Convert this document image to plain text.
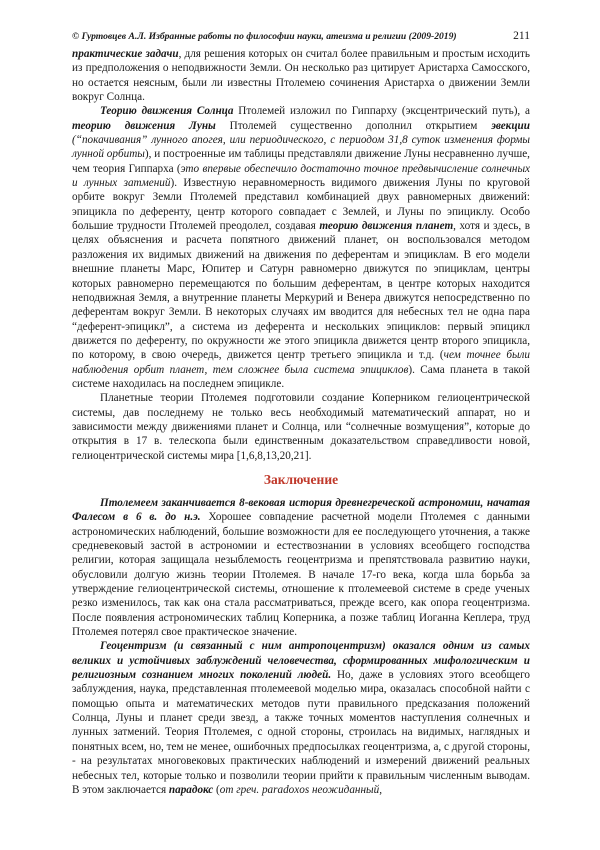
© Гуртовцев А.Л. Избранные работы по философии науки, атеизма и религии (2009-2019)	211

практические задачи, для решения которых он считал более правильным и простым исходить из предположения о неподвижности Земли. Он несколько раз цитирует Аристарха Самосского, но остается неясным, были ли известны Птолемею сочинения Аристарха о движении Земли вокруг Солнца.

Теорию движения Солнца Птолемей изложил по Гиппарху (эксцентрический путь), а теорию движения Луны Птолемей существенно дополнил открытием эвекции (“покачивания” лунного апогея, или периодического, с периодом 31,8 суток изменения формы лунной орбиты), и построенные им таблицы представляли движение Луны несравненно лучше, чем теория Гиппарха (это впервые обеспечило достаточно точное предвычисление солнечных и лунных затмений). Известную неравномерность видимого движения Луны по круговой орбите вокруг Земли Птолемей представил комбинацией двух равномерных движений: эпицикла по деференту, центр которого совпадает с Землей, и Луны по эпициклу. Особо большие трудности Птолемей преодолел, создавая теорию движения планет, хотя и здесь, в целях объяснения и расчета попятного движений планет, он воспользовался методом разложения их видимых движений на движения по деферентам и эпициклам. В его модели внешние планеты Марс, Юпитер и Сатурн равномерно движутся по эпициклам, центры которых равномерно перемещаются по большим деферентам, в центре которых находится неподвижная Земля, а внутренние планеты Меркурий и Венера движутся непосредственно по деферентам вокруг Земли. В некоторых случаях им вводится для небесных тел не одна пара “деферент-эпицикл”, а система из деферента и нескольких эпициклов: первый эпицикл движется по деференту, по окружности же этого эпицикла движется центр второго эпицикла, по которому, в свою очередь, движется центр третьего эпицикла и т.д. (чем точнее были наблюдения орбит планет, тем сложнее была система эпициклов). Сама планета в такой системе находилась на последнем эпицикле.

Планетные теории Птолемея подготовили создание Коперником гелиоцентрической системы, дав последнему не только весь необходимый математический аппарат, но и зависимости между движениями планет и Солнца, или “солнечные возмущения”, которые до открытия в 17 в. телескопа были единственным доказательством справедливости новой, гелиоцентрической системы мира [1,6,8,13,20,21].

Заключение

Птолемеем заканчивается 8-вековая история древнегреческой астрономии, начатая Фалесом в 6 в. до н.э. Хорошее совпадение расчетной модели Птолемея с данными астрономических наблюдений, большие возможности для ее последующего уточнения, а также средневековый застой в астрономии и естествознании в условиях всеобщего господства религии, которая защищала незыблемость геоцентризма и препятствовала развитию науки, обусловили долгую жизнь теории Птолемея. В начале 17-го века, когда шла борьба за утверждение гелиоцентрической системы, отношение к птолемеевой системе в среде ученых резко изменилось, так как она стала рассматриваться, прежде всего, как опора геоцентризма. После появления астрономических таблиц Коперника, а позже таблиц Иоганна Кеплера, труд Птолемея потерял свое практическое значение.

Геоцентризм (и связанный с ним антропоцентризм) оказался одним из самых великих и устойчивых заблуждений человечества, сформированных мифологическим и религиозным сознанием многих поколений людей. Но, даже в условиях этого всеобщего заблуждения, наука, представленная птолемеевой моделью мира, оказалась способной найти с помощью опыта и математических методов пути правильного предсказания положений Солнца, Луны и планет среди звезд, а также точных моментов наступления солнечных и лунных затмений. Теория Птолемея, с одной стороны, строилась на видимых, наглядных и понятных всем, но, тем не менее, ошибочных предпосылках геоцентризма, а, с другой стороны, - на результатах многовековых практических наблюдений и измерений движений реальных небесных тел, которые только и позволили теории прийти к правильным численным выводам. В этом заключается парадокс (от греч. paradoxos неожиданный,
